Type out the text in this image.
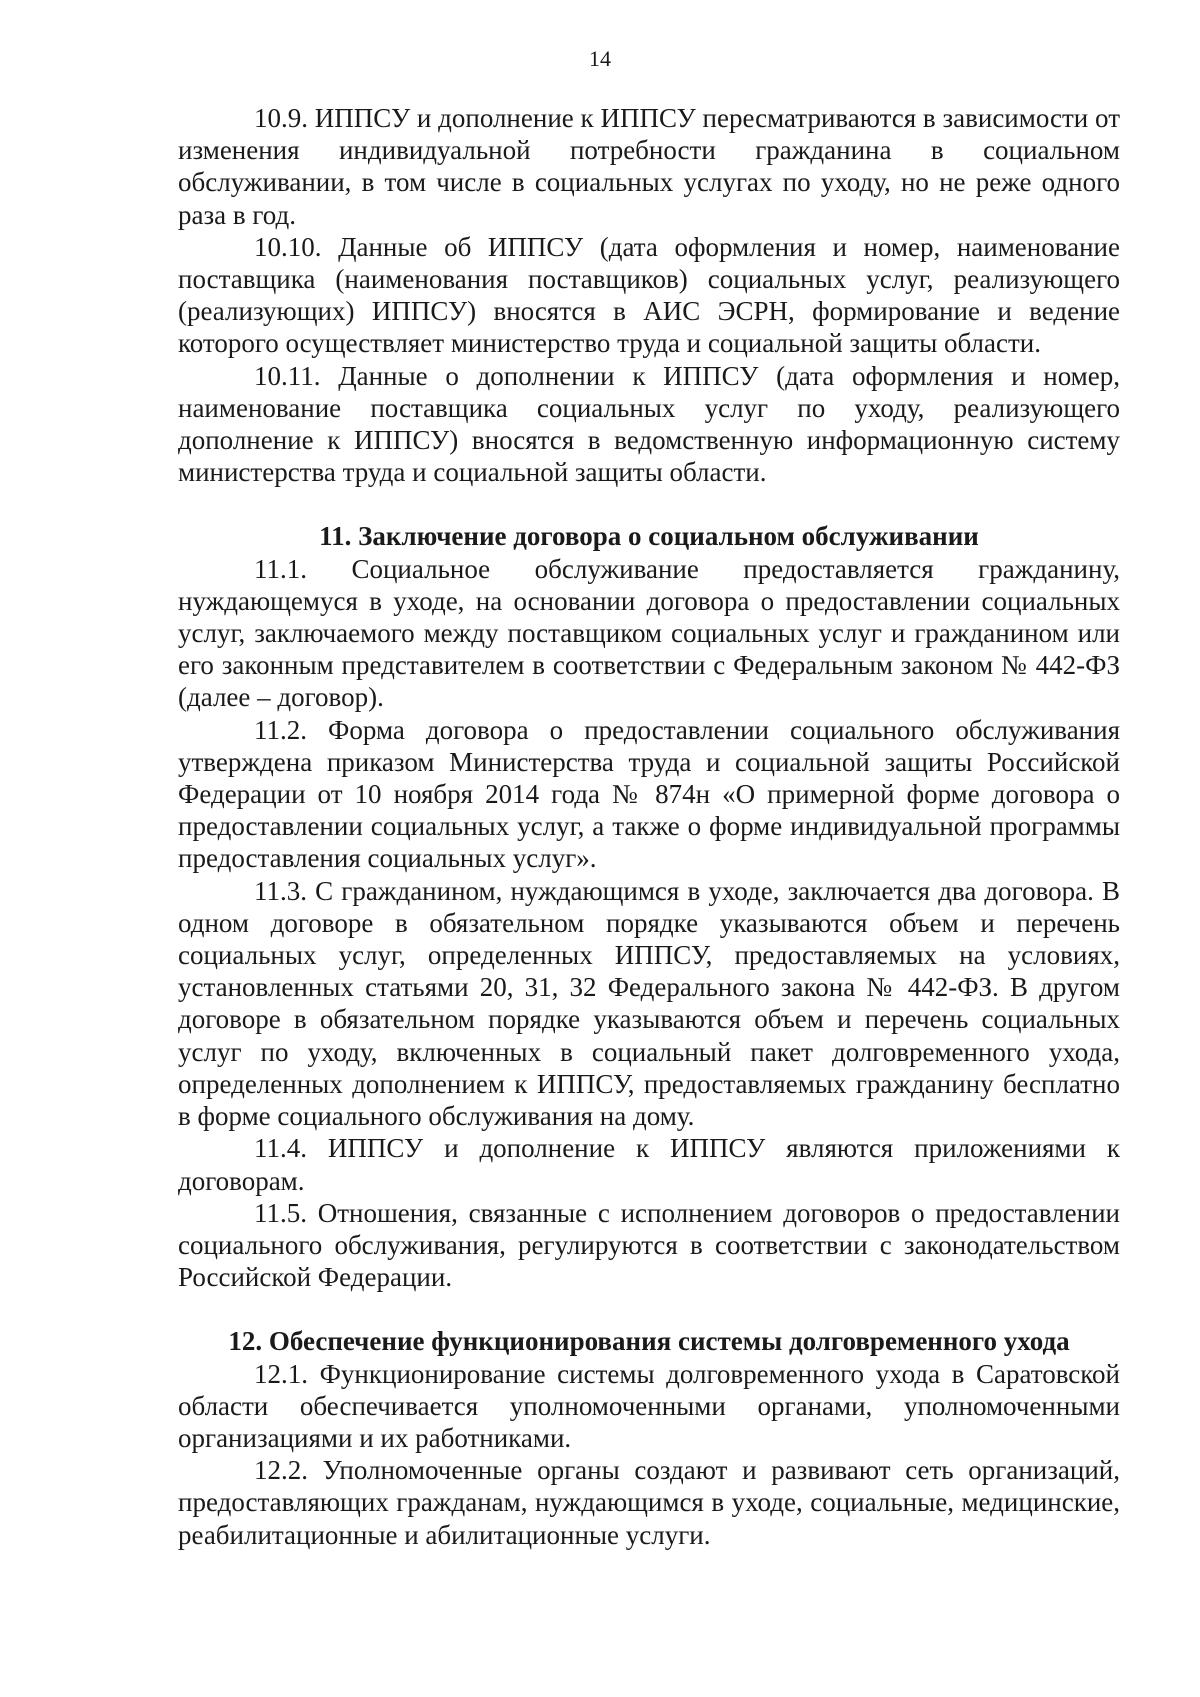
14

10.9. ИППСУ и дополнение к ИППСУ пересматриваются в зависимости от изменения индивидуальной потребности гражданина в социальном обслуживании, в том числе в социальных услугах по уходу, но не реже одного раза в год.

10.10. Данные об ИППСУ (дата оформления и номер, наименование поставщика (наименования поставщиков) социальных услуг, реализующего (реализующих) ИППСУ) вносятся в АИС ЭСРН, формирование и ведение которого осуществляет министерство труда и социальной защиты области.

10.11. Данные о дополнении к ИППСУ (дата оформления и номер, наименование поставщика социальных услуг по уходу, реализующего дополнение к ИППСУ) вносятся в ведомственную информационную систему министерства труда и социальной защиты области.

11. Заключение договора о социальном обслуживании

11.1. Социальное обслуживание предоставляется гражданину, нуждающемуся в уходе, на основании договора о предоставлении социальных услуг, заключаемого между поставщиком социальных услуг и гражданином или его законным представителем в соответствии с Федеральным законом № 442-ФЗ (далее – договор).

11.2. Форма договора о предоставлении социального обслуживания утверждена приказом Министерства труда и социальной защиты Российской Федерации от 10 ноября 2014 года № 874н «О примерной форме договора о предоставлении социальных услуг, а также о форме индивидуальной программы предоставления социальных услуг».

11.3. С гражданином, нуждающимся в уходе, заключается два договора. В одном договоре в обязательном порядке указываются объем и перечень социальных услуг, определенных ИППСУ, предоставляемых на условиях, установленных статьями 20, 31, 32 Федерального закона № 442-ФЗ. В другом договоре в обязательном порядке указываются объем и перечень социальных услуг по уходу, включенных в социальный пакет долговременного ухода, определенных дополнением к ИППСУ, предоставляемых гражданину бесплатно в форме социального обслуживания на дому.

11.4. ИППСУ и дополнение к ИППСУ являются приложениями к договорам.

11.5. Отношения, связанные с исполнением договоров о предоставлении социального обслуживания, регулируются в соответствии с законодательством Российской Федерации.

12. Обеспечение функционирования системы долговременного ухода

12.1. Функционирование системы долговременного ухода в Саратовской области обеспечивается уполномоченными органами, уполномоченными организациями и их работниками.

12.2. Уполномоченные органы создают и развивают сеть организаций, предоставляющих гражданам, нуждающимся в уходе, социальные, медицинские, реабилитационные и абилитационные услуги.
